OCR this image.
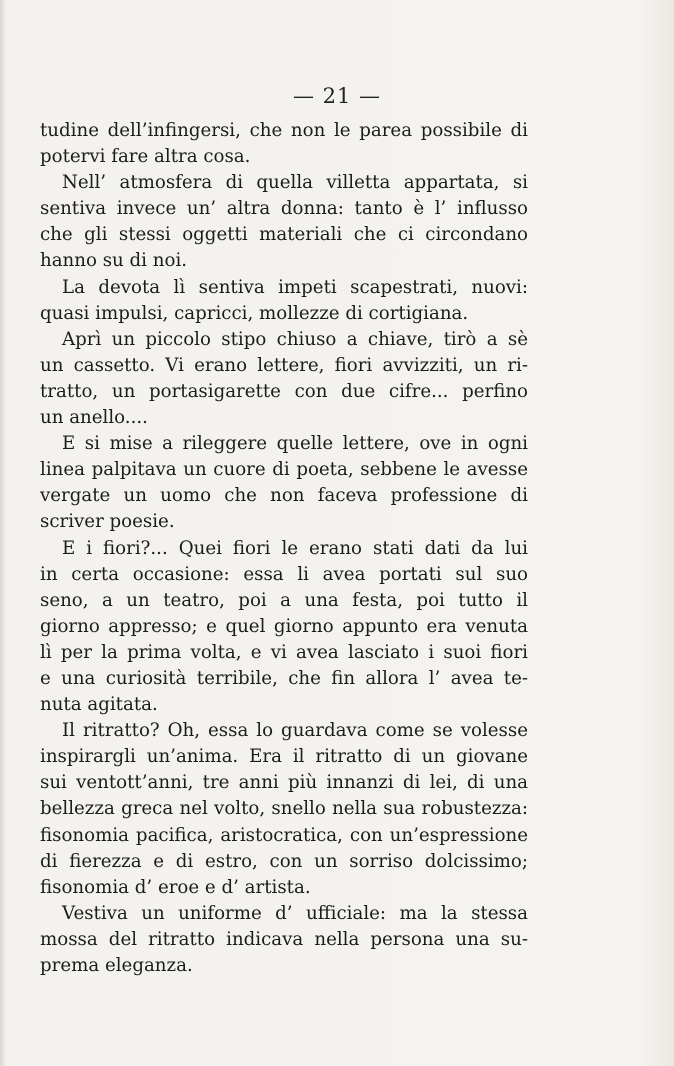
— 21 —
tudine dell’infingersi, che non le parea possibile di
potervi fare altra cosa.
Nell’ atmosfera di quella villetta appartata, si
sentiva invece un’ altra donna: tanto è l’ influsso
che gli stessi oggetti materiali che ci circondano
hanno su di noi.
La devota lì sentiva impeti scapestrati, nuovi:
quasi impulsi, capricci, mollezze di cortigiana.
Aprì un piccolo stipo chiuso a chiave, tirò a sè
un cassetto. Vi erano lettere, fiori avvizziti, un ri-
tratto, un portasigarette con due cifre... perfino
un anello....
E si mise a rileggere quelle lettere, ove in ogni
linea palpitava un cuore di poeta, sebbene le avesse
vergate un uomo che non faceva professione di
scriver poesie.
E i fiori?... Quei fiori le erano stati dati da lui
in certa occasione: essa li avea portati sul suo
seno, a un teatro, poi a una festa, poi tutto il
giorno appresso; e quel giorno appunto era venuta
lì per la prima volta, e vi avea lasciato i suoi fiori
e una curiosità terribile, che fin allora l’ avea te-
nuta agitata.
Il ritratto? Oh, essa lo guardava come se volesse
inspirargli un’anima. Era il ritratto di un giovane
sui ventott’anni, tre anni più innanzi di lei, di una
bellezza greca nel volto, snello nella sua robustezza:
fisonomia pacifica, aristocratica, con un’espressione
di fierezza e di estro, con un sorriso dolcissimo;
fisonomia d’ eroe e d’ artista.
Vestiva un uniforme d’ ufficiale: ma la stessa
mossa del ritratto indicava nella persona una su-
prema eleganza.
